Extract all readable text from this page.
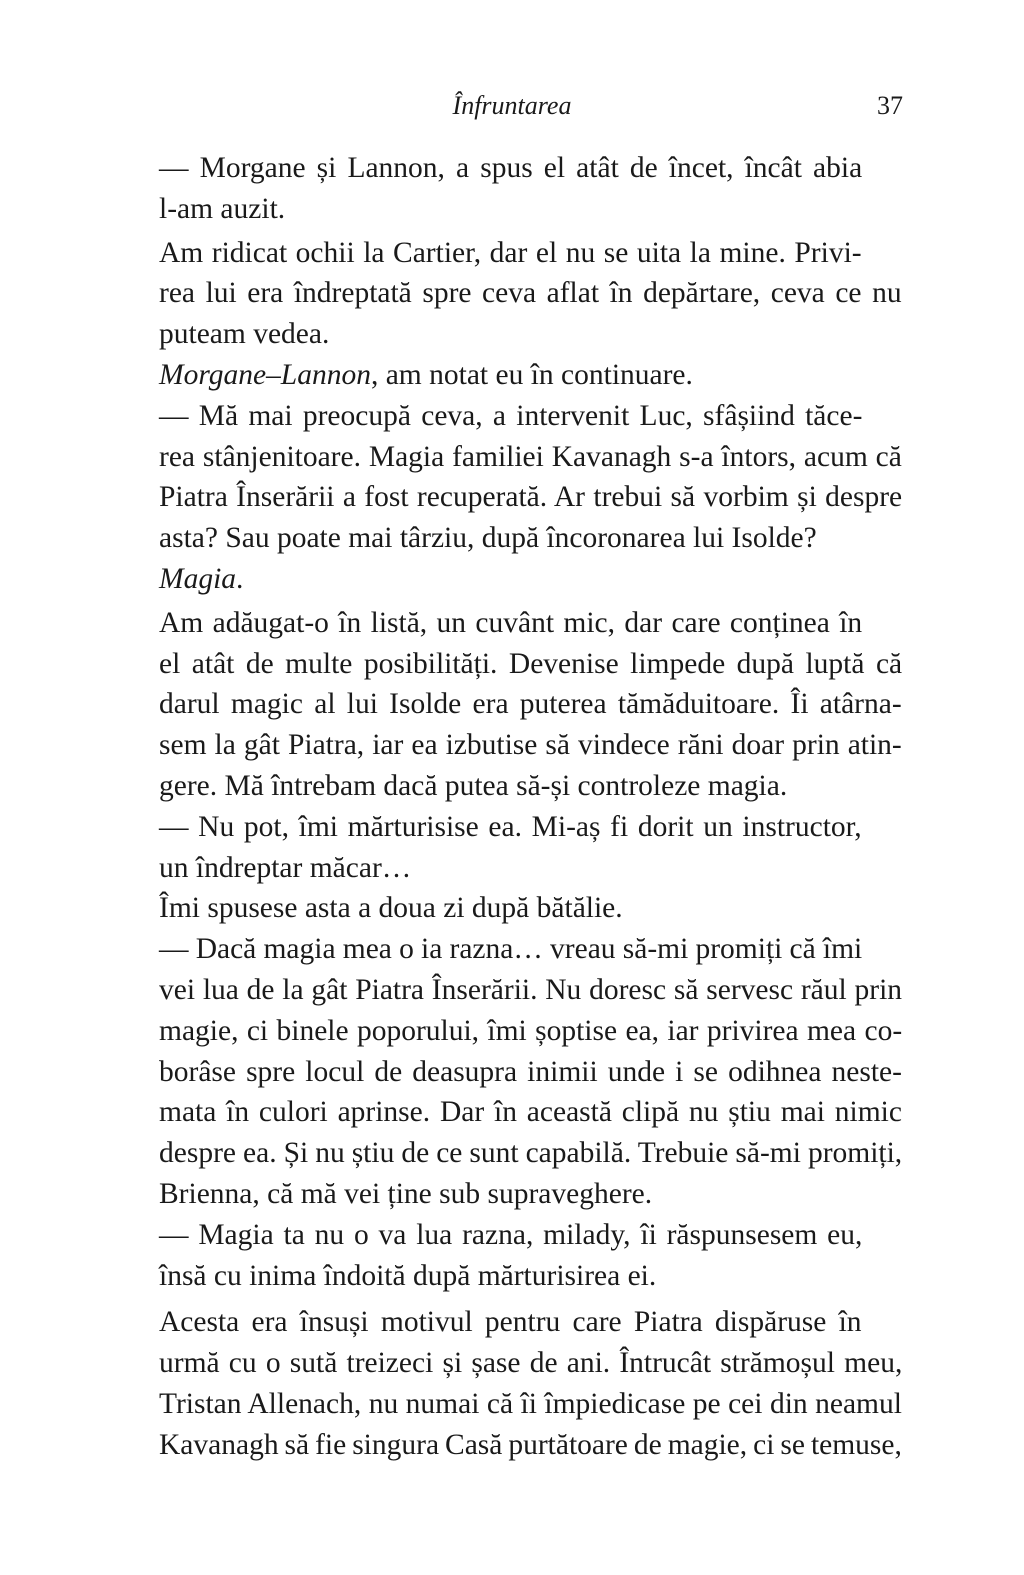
Înfruntarea	37

— Morgane și Lannon, a spus el atât de încet, încât abia
l-am auzit.

Am ridicat ochii la Cartier, dar el nu se uita la mine. Privi-
rea lui era îndreptată spre ceva aflat în depărtare, ceva ce nu
puteam vedea.

Morgane–Lannon, am notat eu în continuare.

— Mă mai preocupă ceva, a intervenit Luc, sfâșiind tăce-
rea stânjenitoare. Magia familiei Kavanagh s-a întors, acum că
Piatra Înserării a fost recuperată. Ar trebui să vorbim și despre
asta? Sau poate mai târziu, după încoronarea lui Isolde?

Magia.

Am adăugat-o în listă, un cuvânt mic, dar care conținea în
el atât de multe posibilități. Devenise limpede după luptă că
darul magic al lui Isolde era puterea tămăduitoare. Îi atârna-
sem la gât Piatra, iar ea izbutise să vindece răni doar prin atin-
gere. Mă întrebam dacă putea să-și controleze magia.

— Nu pot, îmi mărturisise ea. Mi-aș fi dorit un instructor,
un îndreptar măcar…

Îmi spusese asta a doua zi după bătălie.

— Dacă magia mea o ia razna… vreau să-mi promiți că îmi
vei lua de la gât Piatra Înserării. Nu doresc să servesc răul prin
magie, ci binele poporului, îmi șoptise ea, iar privirea mea co-
borâse spre locul de deasupra inimii unde i se odihnea neste-
mata în culori aprinse. Dar în această clipă nu știu mai nimic
despre ea. Și nu știu de ce sunt capabilă. Trebuie să-mi promiți,
Brienna, că mă vei ține sub supraveghere.

— Magia ta nu o va lua razna, milady, îi răspunsesem eu,
însă cu inima îndoită după mărturisirea ei.

Acesta era însuși motivul pentru care Piatra dispăruse în
urmă cu o sută treizeci și șase de ani. Întrucât strămoșul meu,
Tristan Allenach, nu numai că îi împiedicase pe cei din neamul
Kavanagh să fie singura Casă purtătoare de magie, ci se temuse,
